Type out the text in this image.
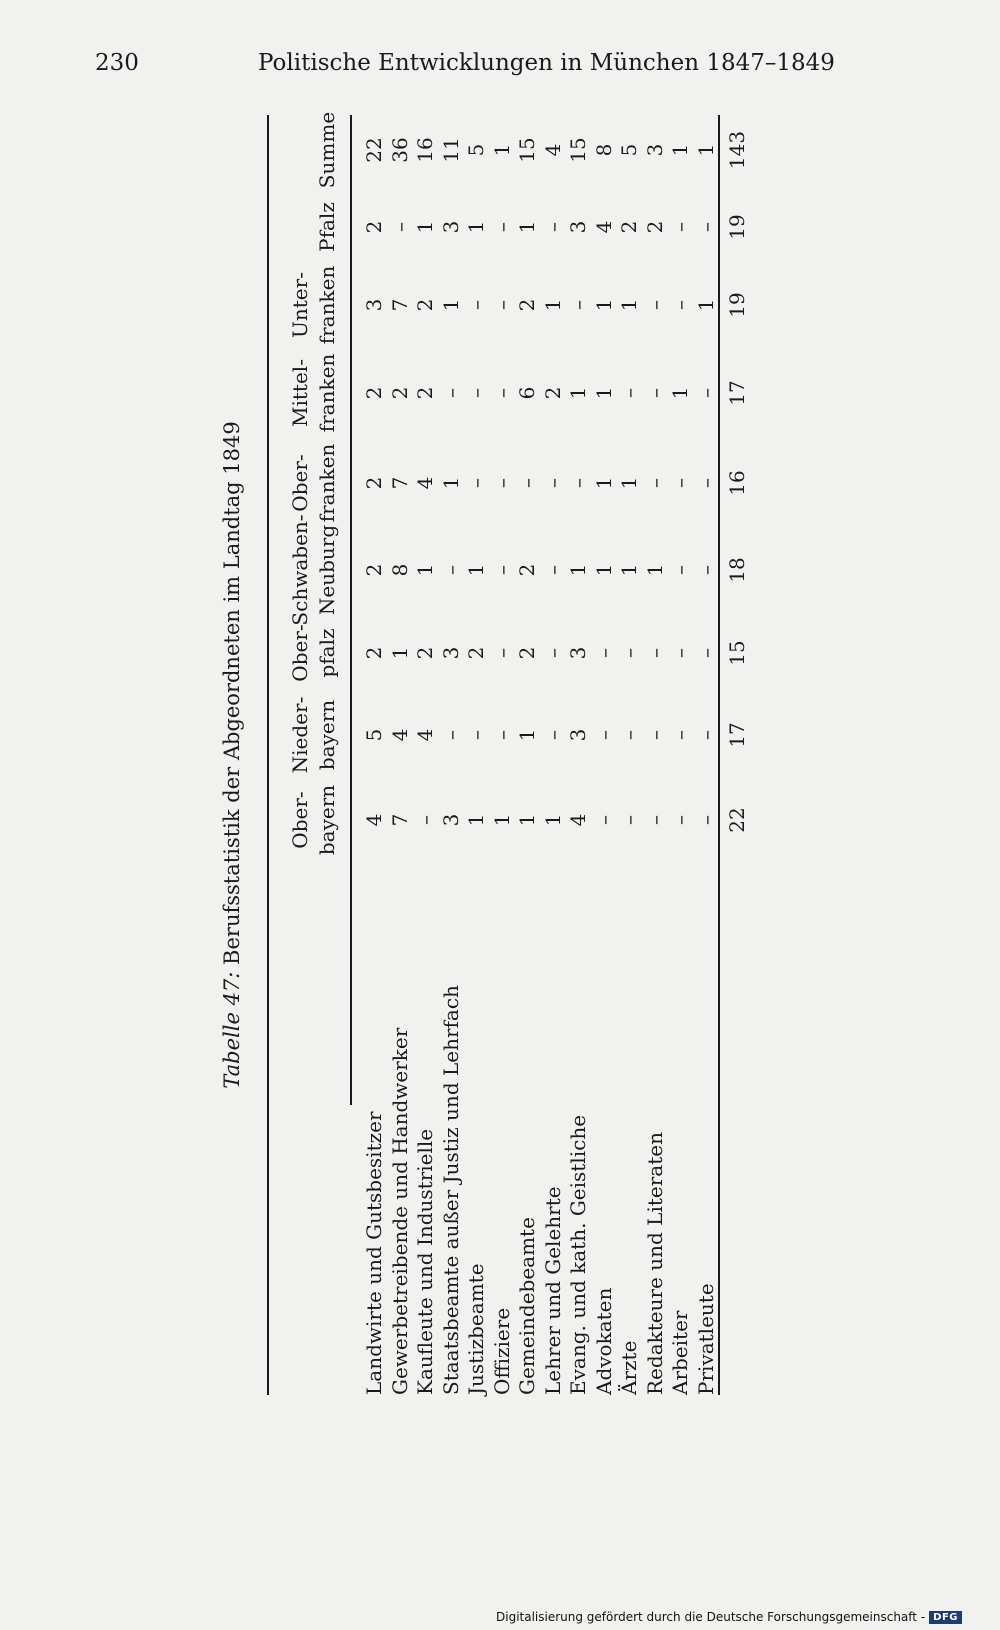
230	Politische Entwicklungen in München 1847–1849
Tabelle 47: Berufsstatistik der Abgeordneten im Landtag 1849 Ober- bayern
Nieder- bayern
Ober- pfalz
Schwaben- Neuburg
Ober- franken
Mittel- franken
Unter- franken
Pfalz
Summe
Landwirte und Gutsbesitzer
4
5
2
2
2
2
3
2
22
Gewerbetreibende und Handwerker
7
4
1
8
7
2
7
–
36
Kaufleute und Industrielle
–
4
2
1
4
2
2
1
16
Staatsbeamte außer Justiz und Lehrfach
3
–
3
–
1
–
1
3
11
Justizbeamte
1
–
2
1
–
–
–
1
5
Offiziere
1
–
–
–
–
–
–
–
1
Gemeindebeamte
1
1
2
2
–
6
2
1
15
Lehrer und Gelehrte
1
–
–
–
–
2
1
–
4
Evang. und kath. Geistliche
4
3
3
1
–
1
–
3
15
Advokaten
–
–
–
1
1
1
1
4
8
Ärzte
–
–
–
1
1
–
1
2
5
Redakteure und Literaten
–
–
–
1
–
–
–
2
3
Arbeiter
–
–
–
–
–
1
–
–
1
Privatleute
–
–
–
–
–
–
1
–
1
22
17
15
18
16
17
19
19
143
Digitalisierung gefördert durch die Deutsche Forschungsgemeinschaft - DFG
